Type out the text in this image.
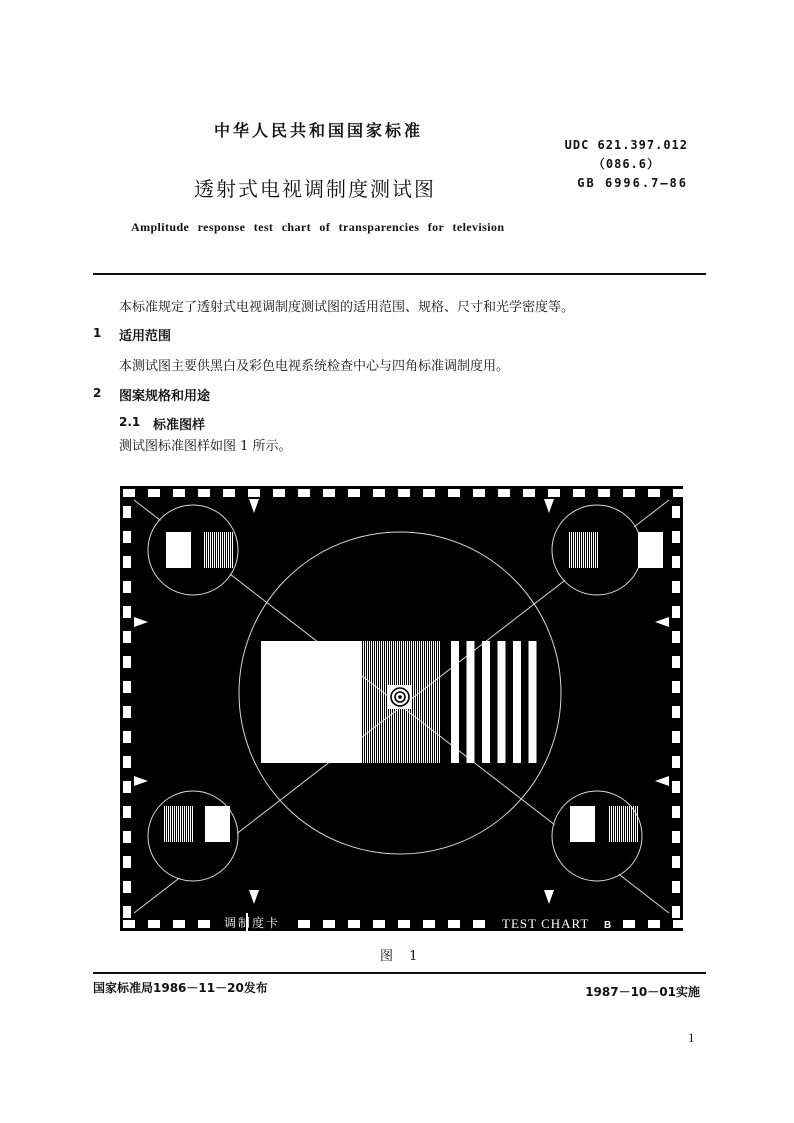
中华人民共和国国家标准
透射式电视调制度测试图
UDC 621.397.012
（086.6）
GB 6996.7—86
Amplitude response test chart of transparencies for television
本标准规定了透射式电视调制度测试图的适用范围、规格、尺寸和光学密度等。
1 适用范围
本测试图主要供黑白及彩色电视系统检查中心与四角标准调制度用。
2 图案规格和用途
2.1 标准图样
测试图标准图样如图 1 所示。
调制度卡	TEST CHART B
图 1
国家标准局1986－11－20发布	1987－10－01实施
1
